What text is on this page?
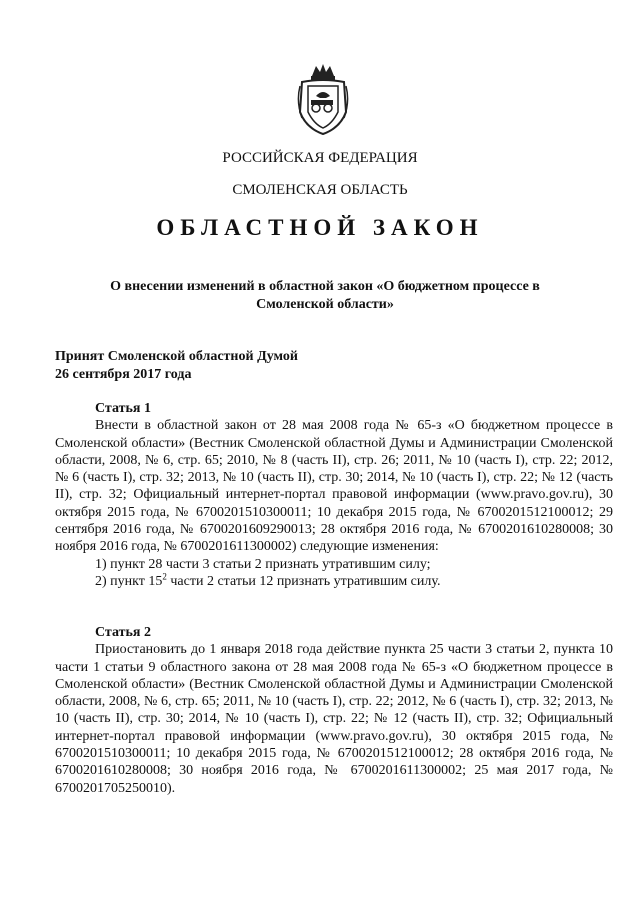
РОССИЙСКАЯ ФЕДЕРАЦИЯ
СМОЛЕНСКАЯ ОБЛАСТЬ
ОБЛАСТНОЙ ЗАКОН
О внесении изменений в областной закон «О бюджетном процессе в
Смоленской области»
Принят Смоленской областной Думой
26 сентября 2017 года
Статья 1

Внести в областной закон от 28 мая 2008 года № 65-з «О бюджетном процессе в Смоленской области» (Вестник Смоленской областной Думы и Администрации Смоленской области, 2008, № 6, стр. 65; 2010, № 8 (часть II), стр. 26; 2011, № 10 (часть I), стр. 22; 2012, № 6 (часть I), стр. 32; 2013, № 10 (часть II), стр. 30; 2014, № 10 (часть I), стр. 22; № 12 (часть II), стр. 32; Официальный интернет-портал правовой информации (www.pravo.gov.ru), 30 октября 2015 года, № 6700201510300011; 10 декабря 2015 года, № 6700201512100012; 29 сентября 2016 года, № 6700201609290013; 28 октября 2016 года, № 6700201610280008; 30 ноября 2016 года, № 6700201611300002) следующие изменения:

1) пункт 28 части 3 статьи 2 признать утратившим силу;

2) пункт $15^2$ части 2 статьи 12 признать утратившим силу.

Статья 2

Приостановить до 1 января 2018 года действие пункта 25 части 3 статьи 2, пункта 10 части 1 статьи 9 областного закона от 28 мая 2008 года № 65-з «О бюджетном процессе в Смоленской области» (Вестник Смоленской областной Думы и Администрации Смоленской области, 2008, № 6, стр. 65; 2011, № 10 (часть I), стр. 22; 2012, № 6 (часть I), стр. 32; 2013, № 10 (часть II), стр. 30; 2014, № 10 (часть I), стр. 22; № 12 (часть II), стр. 32; Официальный интернет-портал правовой информации (www.pravo.gov.ru), 30 октября 2015 года, № 6700201510300011; 10 декабря 2015 года, № 6700201512100012; 28 октября 2016 года, № 6700201610280008; 30 ноября 2016 года, № 6700201611300002; 25 мая 2017 года, № 6700201705250010).
